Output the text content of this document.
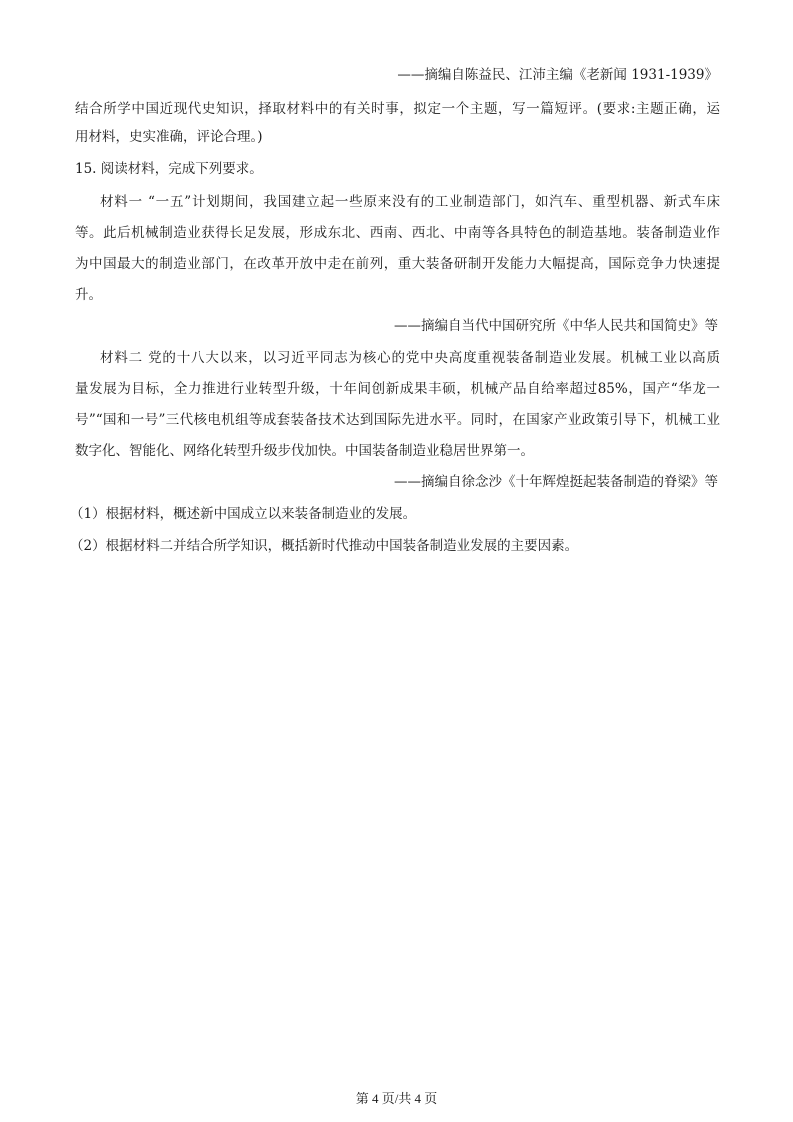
——摘编自陈益民、江沛主编《老新闻 1931-1939》
结合所学中国近现代史知识，择取材料中的有关时事，拟定一个主题，写一篇短评。(要求:主题正确，运
用材料，史实准确，评论合理。)
15. 阅读材料，完成下列要求。
材料一 “一五”计划期间，我国建立起一些原来没有的工业制造部门，如汽车、重型机器、新式车床
等。此后机械制造业获得长足发展，形成东北、西南、西北、中南等各具特色的制造基地。装备制造业作
为中国最大的制造业部门，在改革开放中走在前列，重大装备研制开发能力大幅提高，国际竞争力快速提
升。
——摘编自当代中国研究所《中华人民共和国简史》等
材料二 党的十八大以来，以习近平同志为核心的党中央高度重视装备制造业发展。机械工业以高质
量发展为目标，全力推进行业转型升级，十年间创新成果丰硕，机械产品自给率超过85%，国产“华龙一
号”“国和一号”三代核电机组等成套装备技术达到国际先进水平。同时，在国家产业政策引导下，机械工业
数字化、智能化、网络化转型升级步伐加快。中国装备制造业稳居世界第一。
——摘编自徐念沙《十年辉煌挺起装备制造的脊梁》等
（1）根据材料，概述新中国成立以来装备制造业的发展。
（2）根据材料二并结合所学知识，概括新时代推动中国装备制造业发展的主要因素。
第 4 页/共 4 页
